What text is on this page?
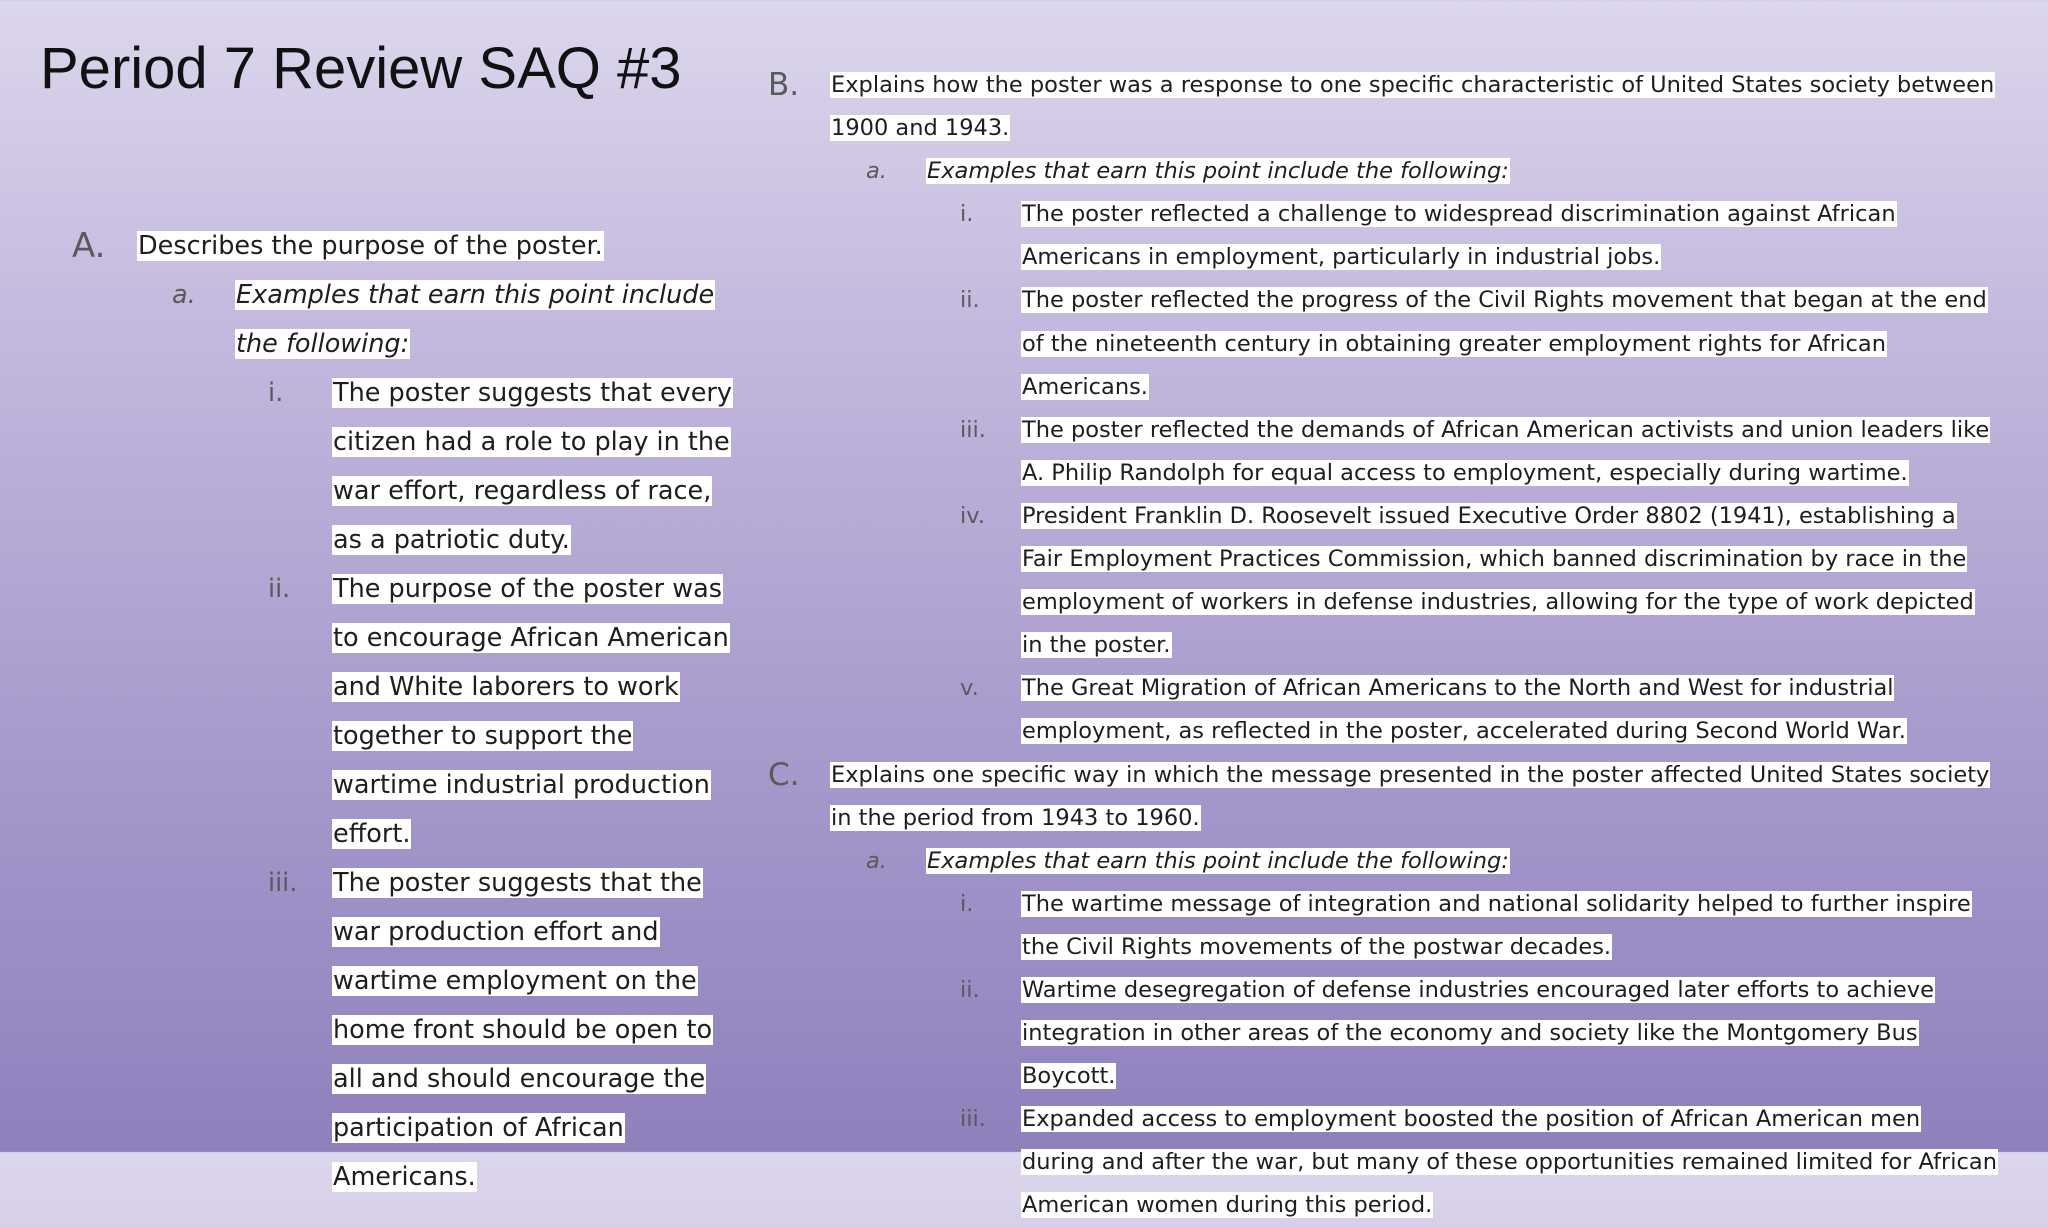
Period 7 Review SAQ #3
A. Describes the purpose of the poster.
a. Examples that earn this point include the following:
i. The poster suggests that every citizen had a role to play in the war effort, regardless of race, as a patriotic duty.
ii. The purpose of the poster was to encourage African American and White laborers to work together to support the wartime industrial production effort.
iii. The poster suggests that the war production effort and wartime employment on the home front should be open to all and should encourage the participation of African Americans.
B. Explains how the poster was a response to one specific characteristic of United States society between 1900 and 1943.
a. Examples that earn this point include the following:
i. The poster reflected a challenge to widespread discrimination against African Americans in employment, particularly in industrial jobs.
ii. The poster reflected the progress of the Civil Rights movement that began at the end of the nineteenth century in obtaining greater employment rights for African Americans.
iii. The poster reflected the demands of African American activists and union leaders like A. Philip Randolph for equal access to employment, especially during wartime.
iv. President Franklin D. Roosevelt issued Executive Order 8802 (1941), establishing a Fair Employment Practices Commission, which banned discrimination by race in the employment of workers in defense industries, allowing for the type of work depicted in the poster.
v. The Great Migration of African Americans to the North and West for industrial employment, as reflected in the poster, accelerated during Second World War.
C. Explains one specific way in which the message presented in the poster affected United States society in the period from 1943 to 1960.
a. Examples that earn this point include the following:
i. The wartime message of integration and national solidarity helped to further inspire the Civil Rights movements of the postwar decades.
ii. Wartime desegregation of defense industries encouraged later efforts to achieve integration in other areas of the economy and society like the Montgomery Bus Boycott.
iii. Expanded access to employment boosted the position of African American men during and after the war, but many of these opportunities remained limited for African American women during this period.
